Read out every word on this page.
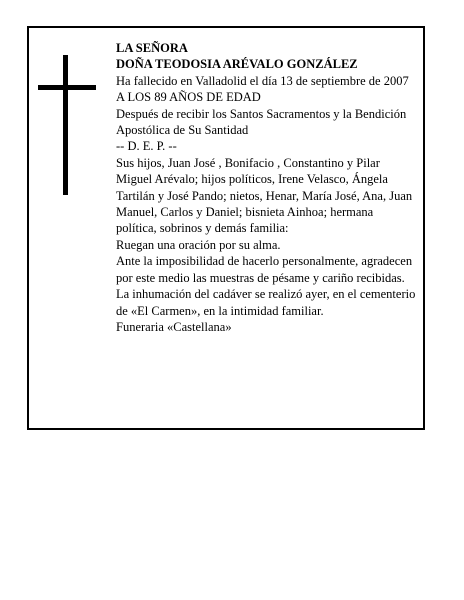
LA SEÑORA

DOÑA TEODOSIA ARÉVALO GONZÁLEZ

Ha fallecido en Valladolid el día 13 de septiembre de 2007

A LOS 89 AÑOS DE EDAD

Después de recibir los Santos Sacramentos y la Bendición Apostólica de Su Santidad

-- D. E. P. --

Sus hijos, Juan José , Bonifacio , Constantino y Pilar Miguel Arévalo; hijos políticos, Irene Velasco, Ángela Tartilán y José Pando; nietos, Henar, María José, Ana, Juan Manuel, Carlos y Daniel; bisnieta Ainhoa; hermana política, sobrinos y demás familia:

Ruegan una oración por su alma.

Ante la imposibilidad de hacerlo personalmente, agradecen por este medio las muestras de pésame y cariño recibidas.

La inhumación del cadáver se realizó ayer, en el cementerio de «El Carmen», en la intimidad familiar.

Funeraria «Castellana»
